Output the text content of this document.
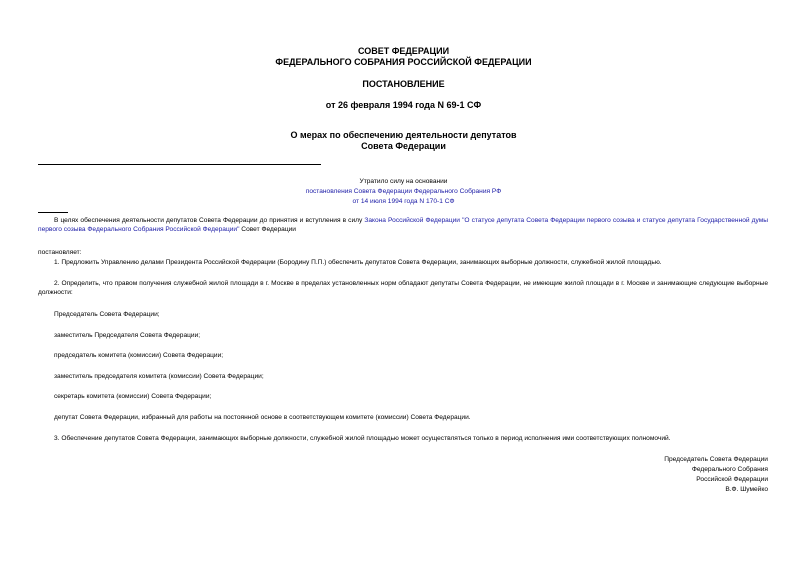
СОВЕТ ФЕДЕРАЦИИ
ФЕДЕРАЛЬНОГО СОБРАНИЯ РОССИЙСКОЙ ФЕДЕРАЦИИ
ПОСТАНОВЛЕНИЕ
от 26 февраля 1994 года N 69-1 СФ
О мерах по обеспечению деятельности депутатов
Совета Федерации
Утратило силу на основании
постановления Совета Федерации Федерального Собрания РФ
от 14 июля 1994 года N 170-1 СФ
В целях обеспечения деятельности депутатов Совета Федерации до принятия и вступления в силу Закона Российской Федерации "О статусе депутата Совета Федерации первого созыва и статусе депутата Государственной думы первого созыва Федерального Собрания Российской Федерации" Совет Федерации
постановляет:
1. Предложить Управлению делами Президента Российской Федерации (Бородину П.П.) обеспечить депутатов Совета Федерации, занимающих выборные должности, служебной жилой площадью.
2. Определить, что правом получения служебной жилой площади в г. Москве в пределах установленных норм обладают депутаты Совета Федерации, не имеющие жилой площади в г. Москве и занимающие следующие выборные должности:
Председатель Совета Федерации;
заместитель Председателя Совета Федерации;
председатель комитета (комиссии) Совета Федерации;
заместитель председателя комитета (комиссии) Совета Федерации;
секретарь комитета (комиссии) Совета Федерации;
депутат Совета Федерации, избранный для работы на постоянной основе в соответствующем комитете (комиссии) Совета Федерации.
3. Обеспечение депутатов Совета Федерации, занимающих выборные должности, служебной жилой площадью может осуществляться только в период исполнения ими соответствующих полномочий.
Председатель Совета Федерации
Федерального Собрания
Российской Федерации
В.Ф. Шумейко
